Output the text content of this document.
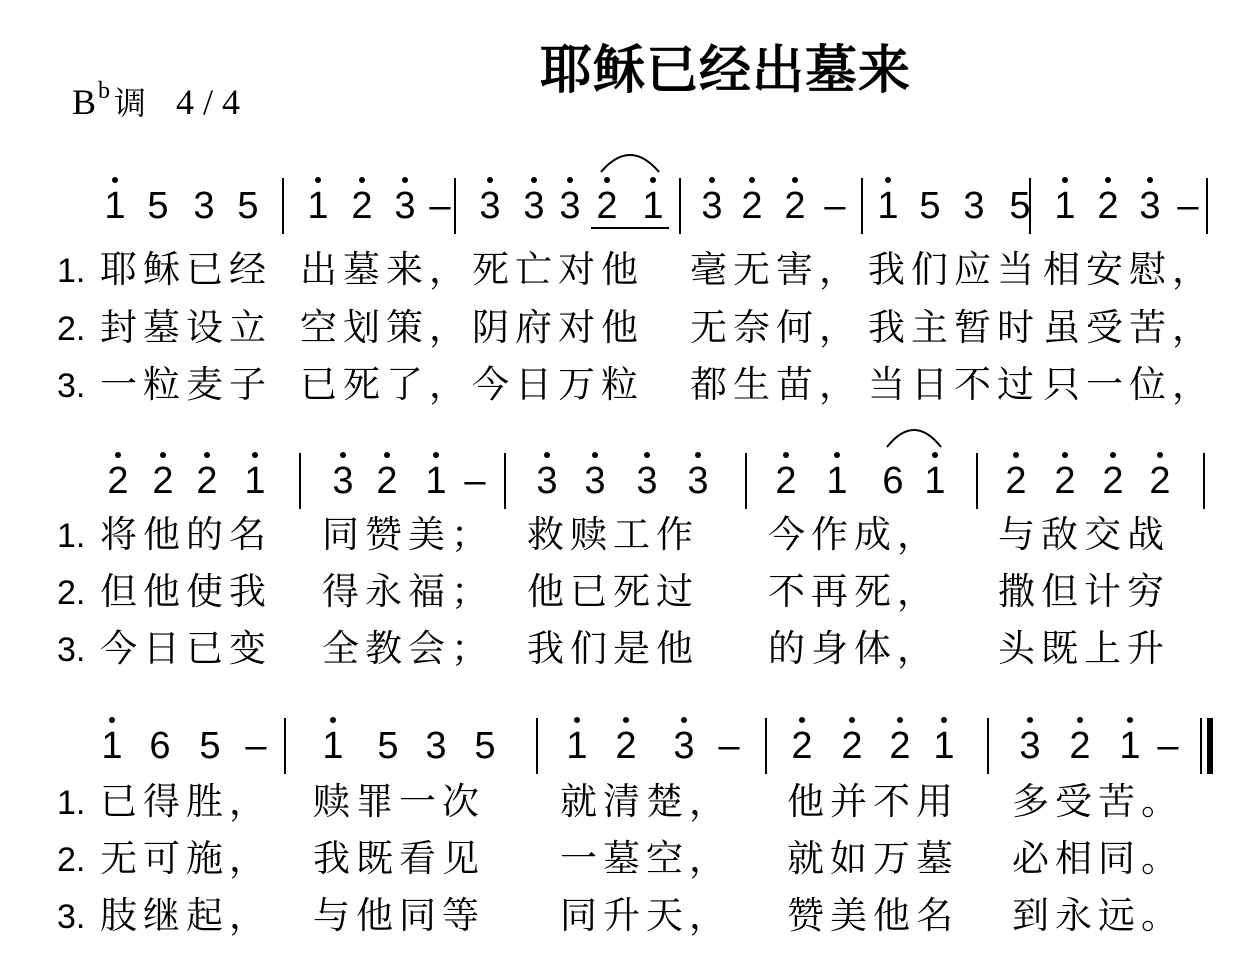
耶稣已经出墓来
$B^b$ 调 4 / 4
1 5 3 5 1 2 3 – 3 3 3 2 1 3 2 2 – 1 5 3 5 1 2 3 –
1. 耶稣已经 出墓来， 死亡对他 毫无害， 我们应当 相安慰，
2. 封墓设立 空划策， 阴府对他 无奈何， 我主暂时 虽受苦，
3. 一粒麦子 已死了， 今日万粒 都生苗， 当日不过 只一位，
2 2 2 1 3 2 1 – 3 3 3 3 2 1 6 1 2 2 2 2
1. 将他的名 同赞美； 救赎工作 今作成， 与敌交战
2. 但他使我 得永福； 他已死过 不再死， 撒但计穷
3. 今日已变 全教会； 我们是他 的身体， 头既上升
1 6 5 – 1 5 3 5 1 2 3 – 2 2 2 1 3 2 1 –
1. 已得胜， 赎罪一次 就清楚， 他并不用 多受苦。
2. 无可施， 我既看见 一墓空， 就如万墓 必相同。
3. 肢继起， 与他同等 同升天， 赞美他名 到永远。
